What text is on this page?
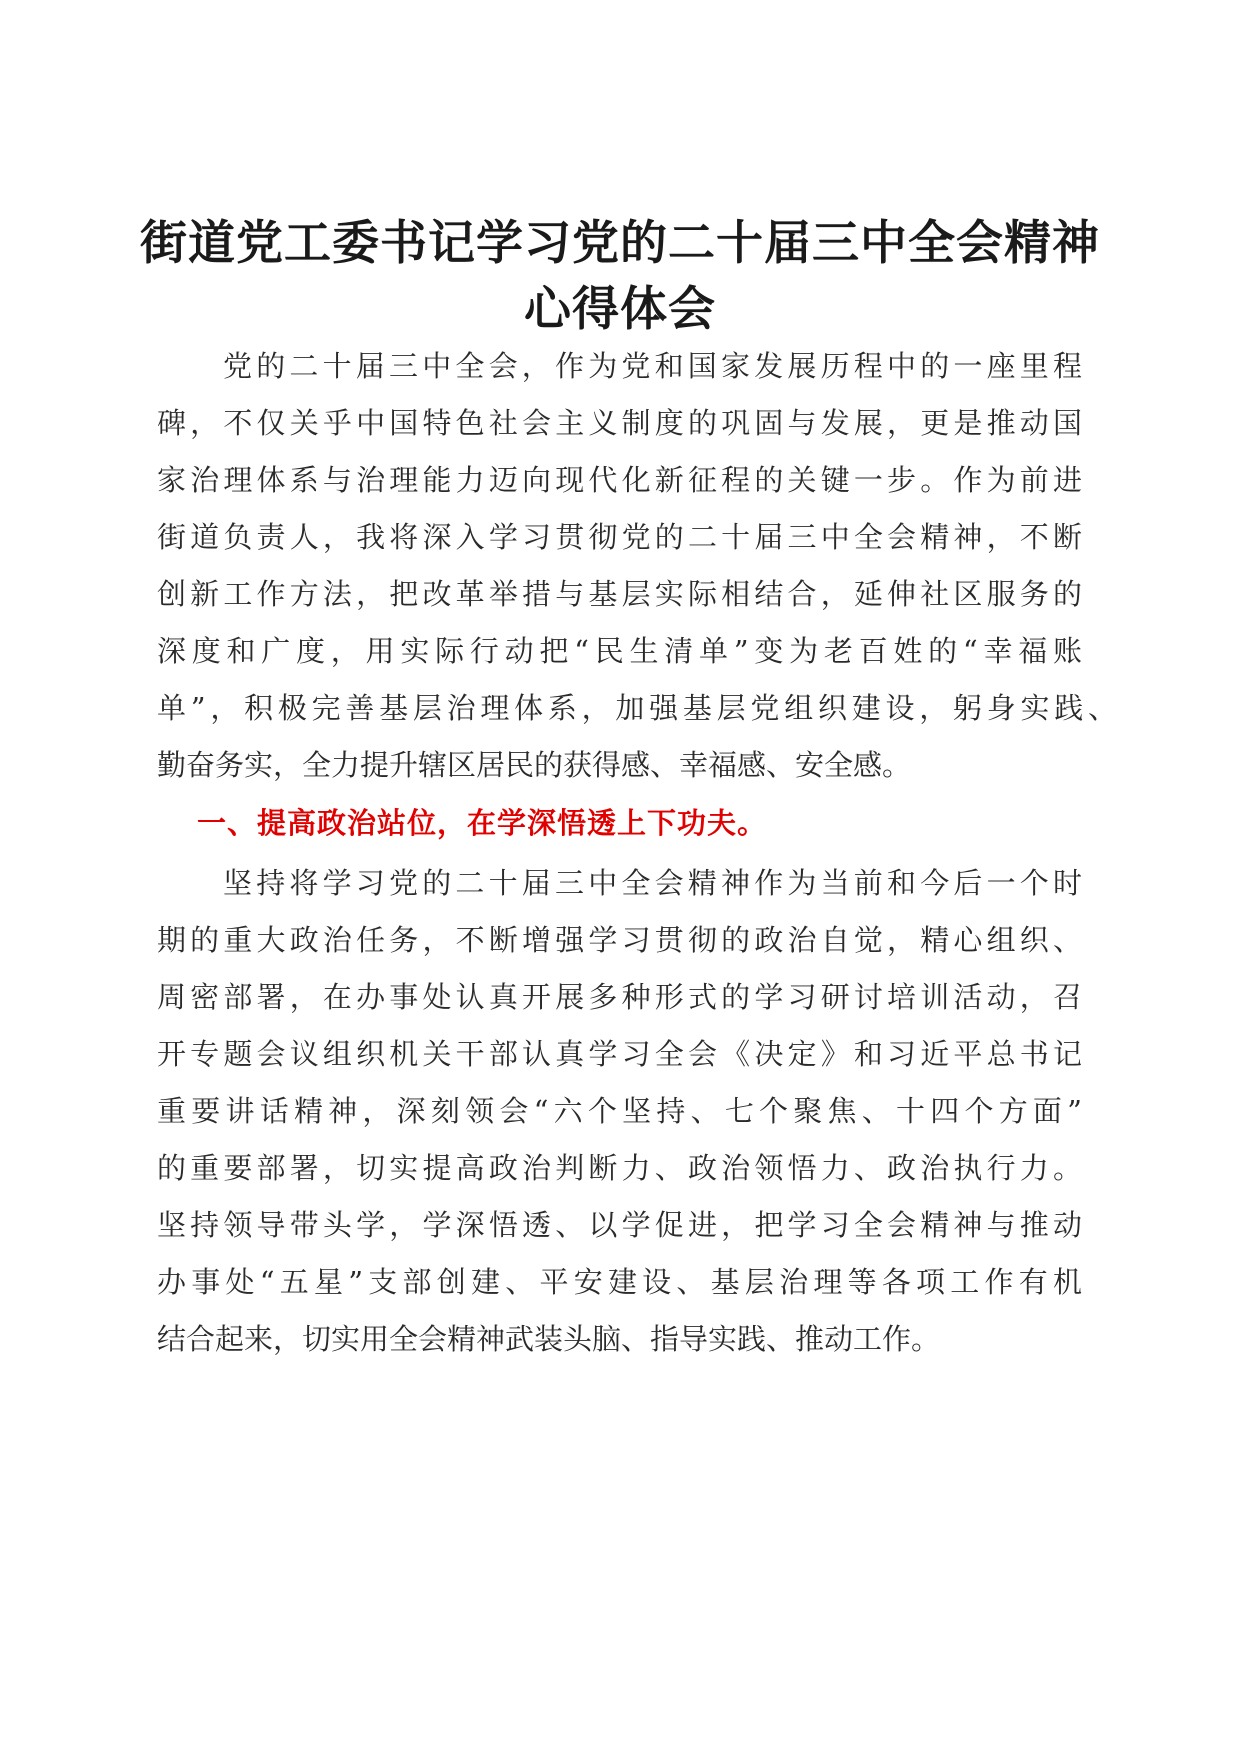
街道党工委书记学习党的二十届三中全会精神
心得体会
党的二十届三中全会，作为党和国家发展历程中的一座里程
碑，不仅关乎中国特色社会主义制度的巩固与发展，更是推动国
家治理体系与治理能力迈向现代化新征程的关键一步。作为前进
街道负责人，我将深入学习贯彻党的二十届三中全会精神，不断
创新工作方法，把改革举措与基层实际相结合，延伸社区服务的
深度和广度，用实际行动把“民生清单”变为老百姓的“幸福账
单”，积极完善基层治理体系，加强基层党组织建设，躬身实践、
勤奋务实，全力提升辖区居民的获得感、幸福感、安全感。
一、提高政治站位，在学深悟透上下功夫。
坚持将学习党的二十届三中全会精神作为当前和今后一个时
期的重大政治任务，不断增强学习贯彻的政治自觉，精心组织、
周密部署，在办事处认真开展多种形式的学习研讨培训活动，召
开专题会议组织机关干部认真学习全会《决定》和习近平总书记
重要讲话精神，深刻领会“六个坚持、七个聚焦、十四个方面”
的重要部署，切实提高政治判断力、政治领悟力、政治执行力。
坚持领导带头学，学深悟透、以学促进，把学习全会精神与推动
办事处“五星”支部创建、平安建设、基层治理等各项工作有机
结合起来，切实用全会精神武装头脑、指导实践、推动工作。
